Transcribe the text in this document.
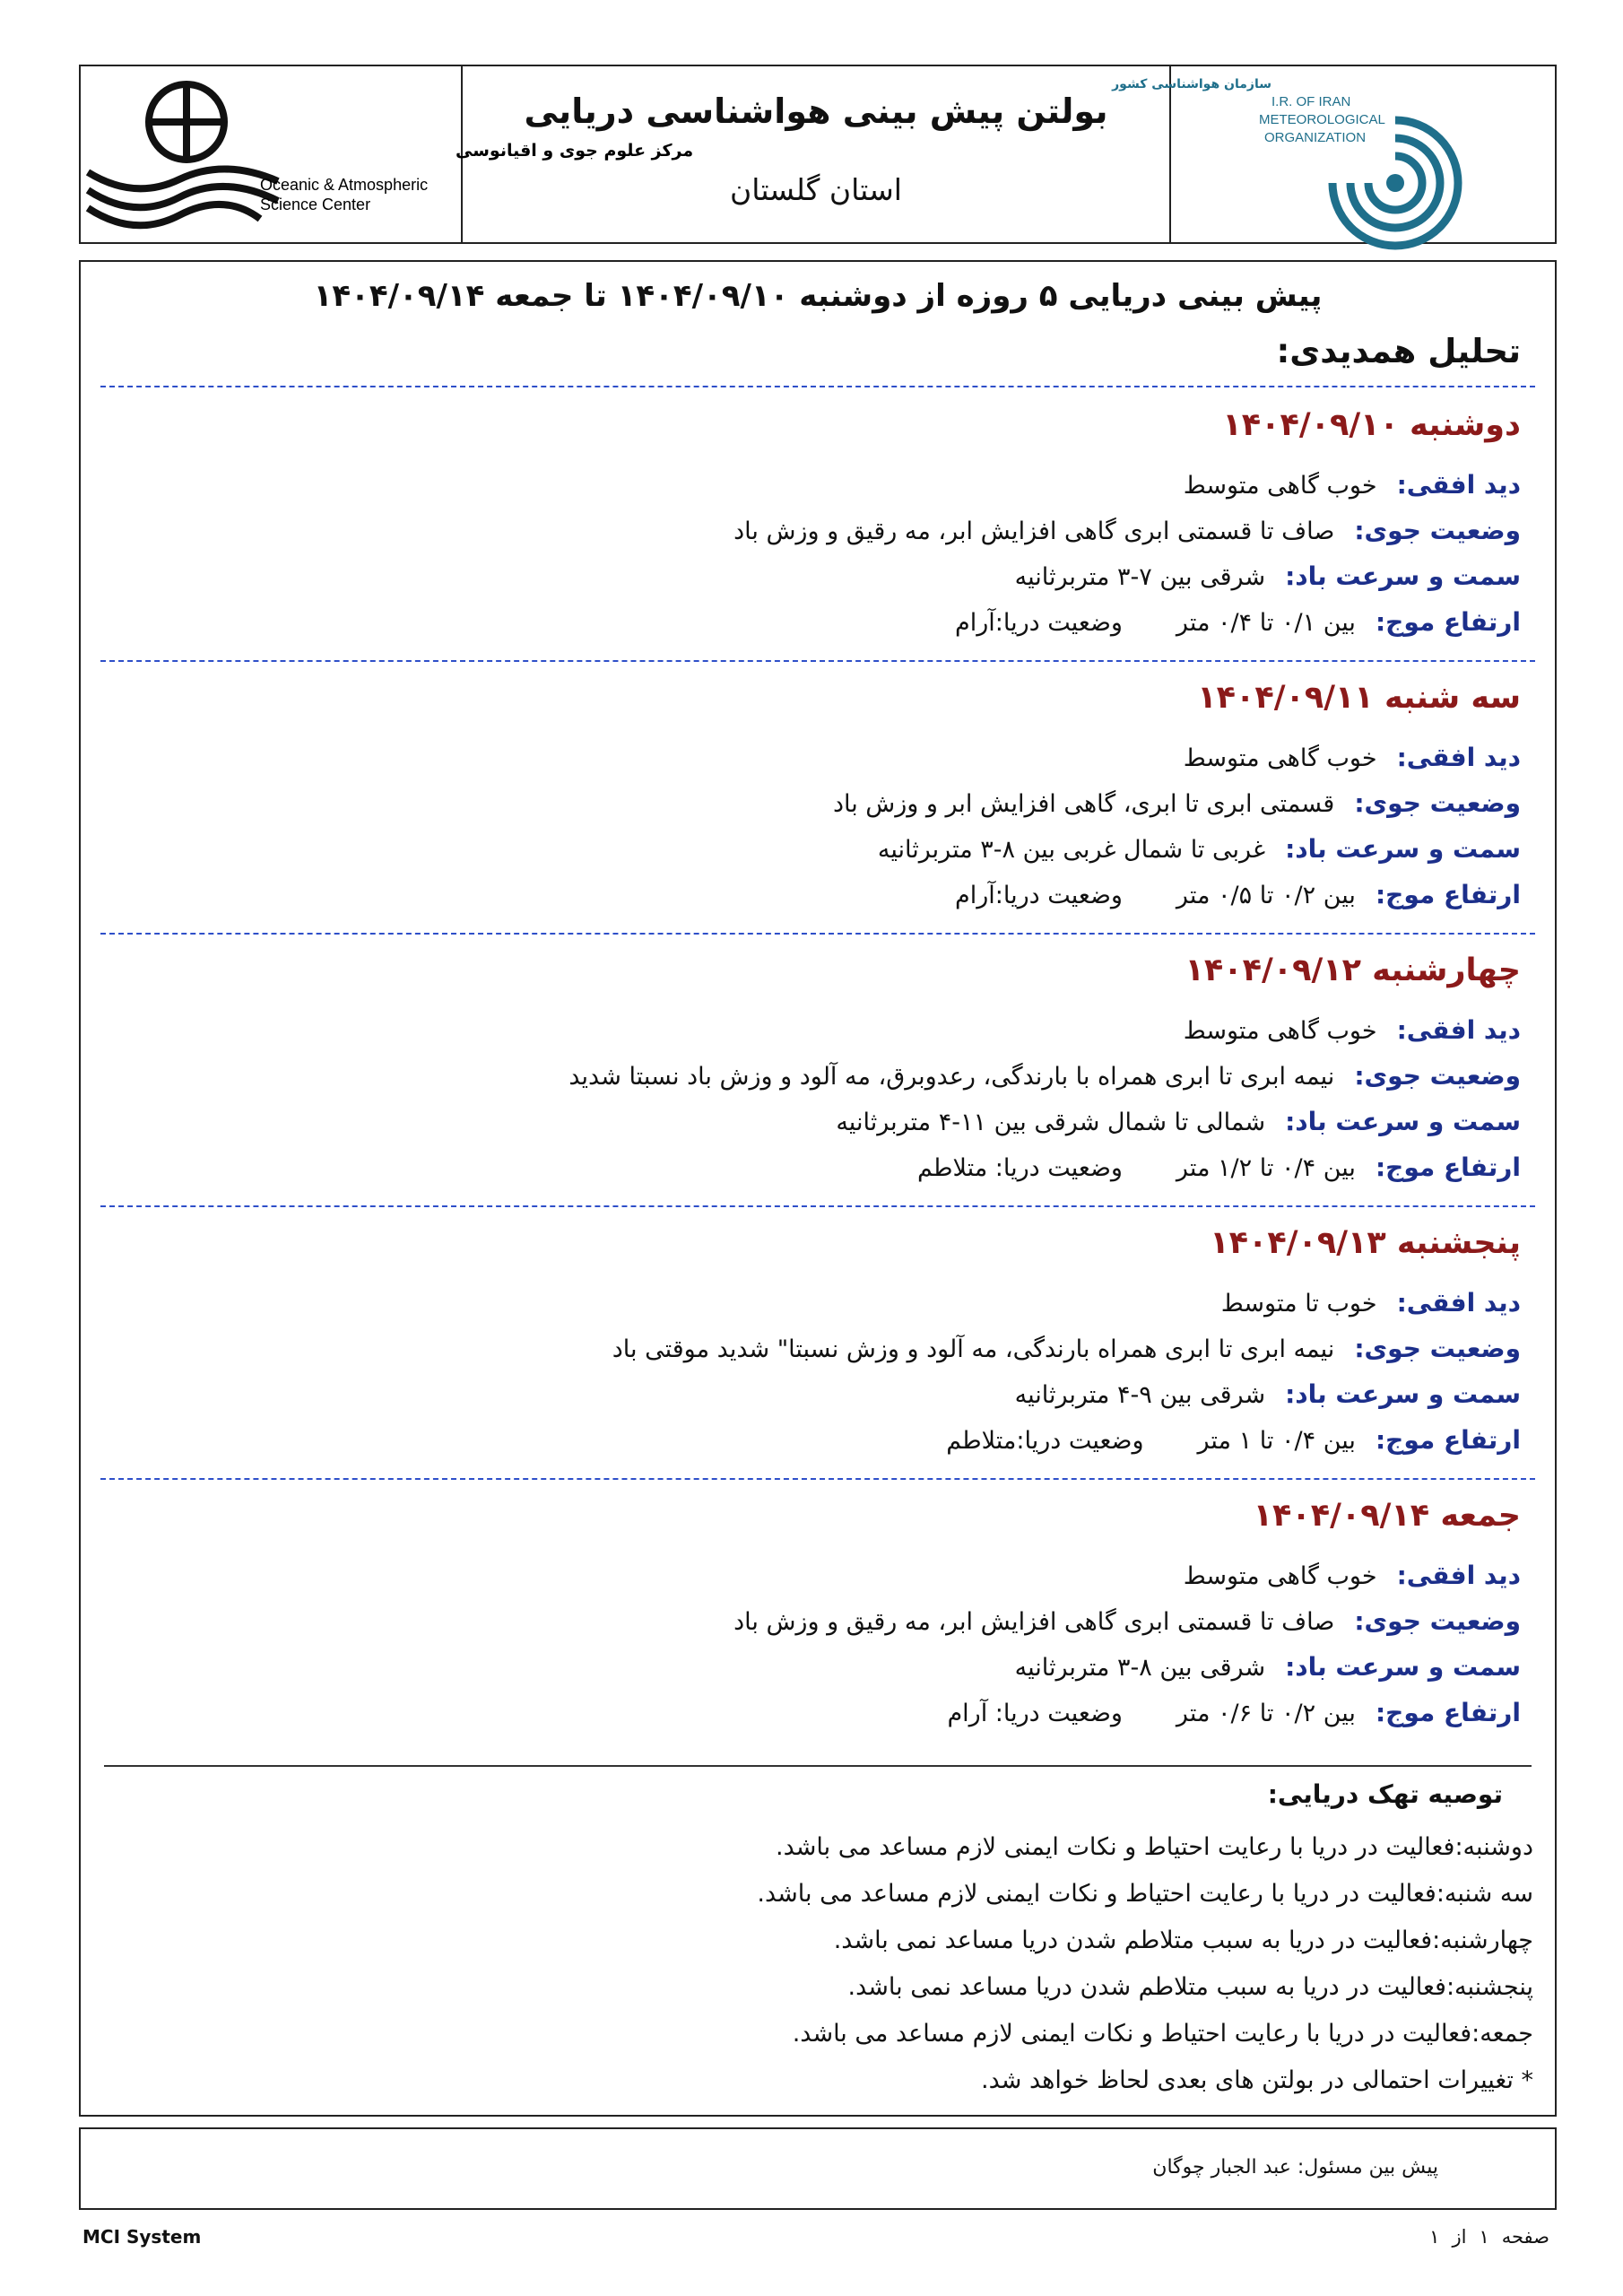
سازمان هواشناسی کشور
I.R. OF IRAN
METEOROLOGICAL
ORGANIZATION
بولتن پیش بینی هواشناسی دریایی
استان گلستان
مرکز علوم جوی و اقیانوسی
Oceanic & Atmospheric
Science Center
پیش بینی دریایی ۵ روزه از دوشنبه ۱۴۰۴/۰۹/۱۰ تا جمعه ۱۴۰۴/۰۹/۱۴
تحلیل همدیدی:
دوشنبه ۱۴۰۴/۰۹/۱۰
دید افقی:خوب گاهی متوسط
وضعیت جوی:صاف تا قسمتی ابری گاهی افزایش ابر، مه رقیق و وزش باد
سمت و سرعت باد:شرقی بین ۷-۳ متربرثانیه
ارتفاع موج:بین ۰/۱ تا ۰/۴ متروضعیت دریا:آرام
سه شنبه ۱۴۰۴/۰۹/۱۱
دید افقی:خوب گاهی متوسط
وضعیت جوی:قسمتی ابری تا ابری، گاهی افزایش ابر و وزش باد
سمت و سرعت باد:غربی تا شمال غربی بین ۸-۳ متربرثانیه
ارتفاع موج:بین ۰/۲ تا ۰/۵ متروضعیت دریا:آرام
چهارشنبه ۱۴۰۴/۰۹/۱۲
دید افقی:خوب گاهی متوسط
وضعیت جوی:نیمه ابری تا ابری همراه با بارندگی، رعدوبرق، مه آلود و وزش باد نسبتا شدید
سمت و سرعت باد:شمالی تا شمال شرقی بین ۱۱-۴ متربرثانیه
ارتفاع موج:بین ۰/۴ تا ۱/۲ متروضعیت دریا: متلاطم
پنجشنبه ۱۴۰۴/۰۹/۱۳
دید افقی:خوب تا متوسط
وضعیت جوی:نیمه ابری تا ابری همراه بارندگی، مه آلود و وزش نسبتا" شدید موقتی باد
سمت و سرعت باد:شرقی بین ۹-۴ متربرثانیه
ارتفاع موج:بین ۰/۴ تا ۱ متروضعیت دریا:متلاطم
جمعه ۱۴۰۴/۰۹/۱۴
دید افقی:خوب گاهی متوسط
وضعیت جوی:صاف تا قسمتی ابری گاهی افزایش ابر، مه رقیق و وزش باد
سمت و سرعت باد:شرقی بین ۸-۳ متربرثانیه
ارتفاع موج:بین ۰/۲ تا ۰/۶ متروضعیت دریا: آرام
توصیه تهک دریایی:
دوشنبه:فعالیت در دریا با رعایت احتیاط و نکات ایمنی لازم مساعد می باشد.
سه شنبه:فعالیت در دریا با رعایت احتیاط و نکات ایمنی لازم مساعد می باشد.
چهارشنبه:فعالیت در دریا به سبب متلاطم شدن دریا مساعد نمی باشد.
پنجشنبه:فعالیت در دریا به سبب متلاطم شدن دریا مساعد نمی باشد.
جمعه:فعالیت در دریا با رعایت احتیاط و نکات ایمنی لازم مساعد می باشد.
* تغییرات احتمالی در بولتن های بعدی لحاظ خواهد شد.
پیش بین مسئول: عبد الجبار چوگان
MCI System	صفحه۱از۱
